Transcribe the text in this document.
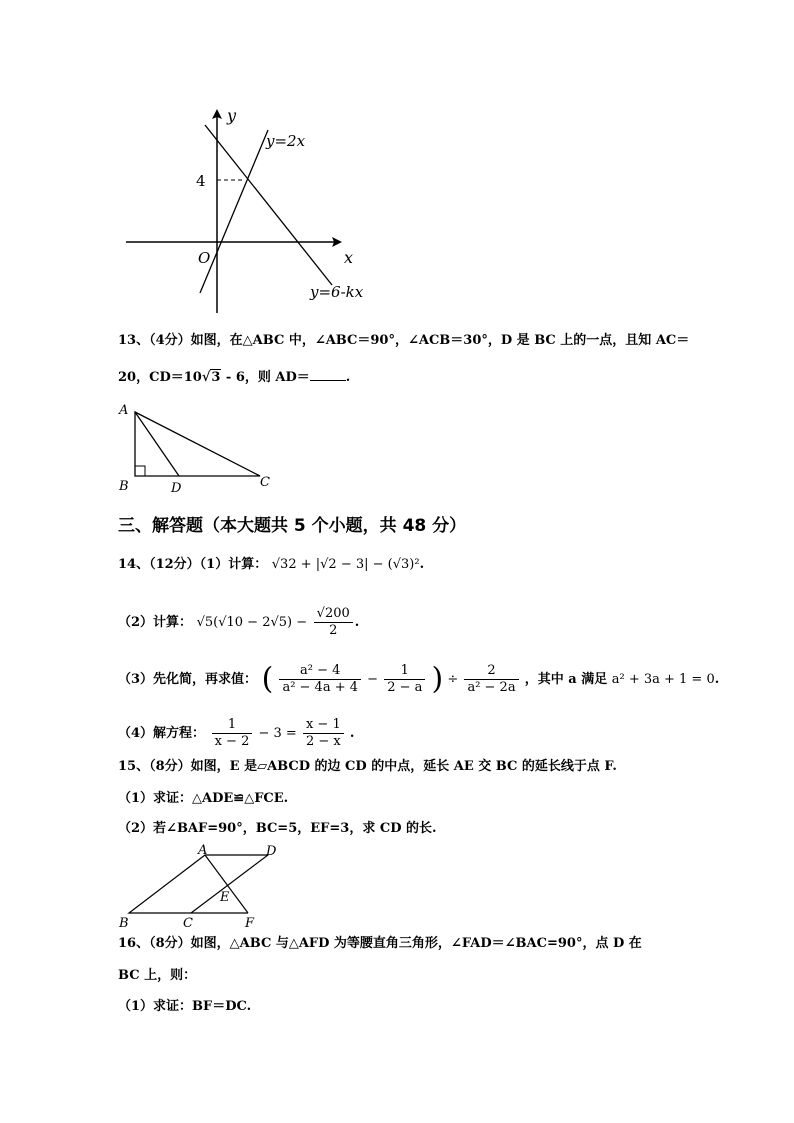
y
x
O
4
y=2x
y=6-kx
13、（4分）如图，在△ABC 中，∠ABC＝90°，∠ACB＝30°，D 是 BC 上的一点，且知 AC＝
20，CD＝10√3 - 6，则 AD＝	.
A
B	D	C
三、解答题（本大题共 5 个小题，共 48 分）
14、（12分）（1）计算： √32 + |√2 − 3| − (√3)².
（2）计算： $√5(√10 - 2√5) - \frac{√200}{2}$ .
（3）先化简，再求值： ( $\frac{\text{a² − 4}}{\text{a² − 4a + 4}} - \frac{1}{2 - a}$ ) ÷ $\frac{2}{\text{a² − 2a}}$ ，其中 a 满足 a² + 3a + 1 = 0.
（4）解方程： $\frac{1}{x - 2} - 3 = \frac{x - 1}{2 - x}$ .
15、（8分）如图，E 是▱ABCD 的边 CD 的中点，延长 AE 交 BC 的延长线于点 F.
（1）求证：△ADE≌△FCE.
（2）若∠BAF=90°，BC=5，EF=3，求 CD 的长.
A	D
E
B	C	F
16、（8分）如图，△ABC 与△AFD 为等腰直角三角形，∠FAD＝∠BAC=90°，点 D 在
BC 上，则：
（1）求证：BF＝DC.
